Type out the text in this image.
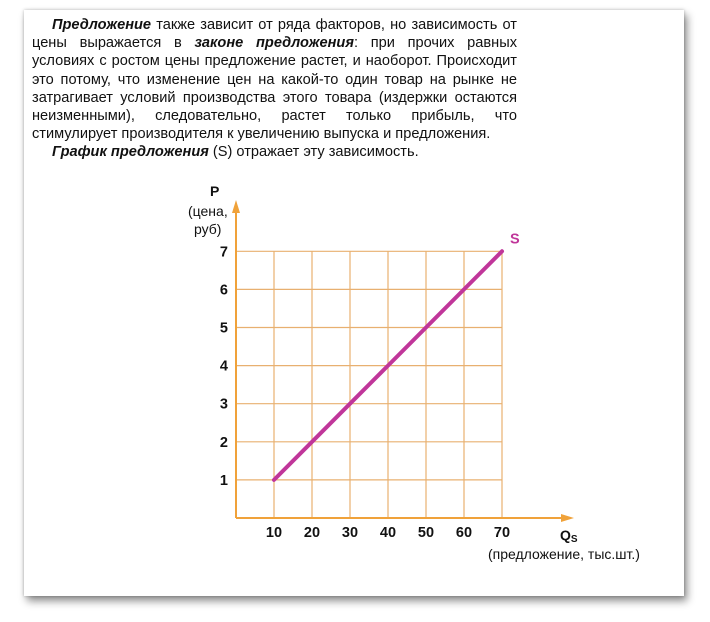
Предложение также зависит от ряда факторов, но зависимость от цены выражается в законе предложения: при прочих равных условиях с ростом цены предложение растет, и наоборот. Происходит это потому, что изменение цен на какой-то один товар на рынке не затрагивает условий производства этого товара (издержки остаются неизменными), следовательно, растет только прибыль, что стимулирует производителя к увеличению выпуска и предложения.

График предложения (S) отражает эту зависимость.

10 20 30 40 50 60 70
1
2
3
4
5
6
7
S
P
(цена,
руб)
QS
(предложение, тыс.шт.)
